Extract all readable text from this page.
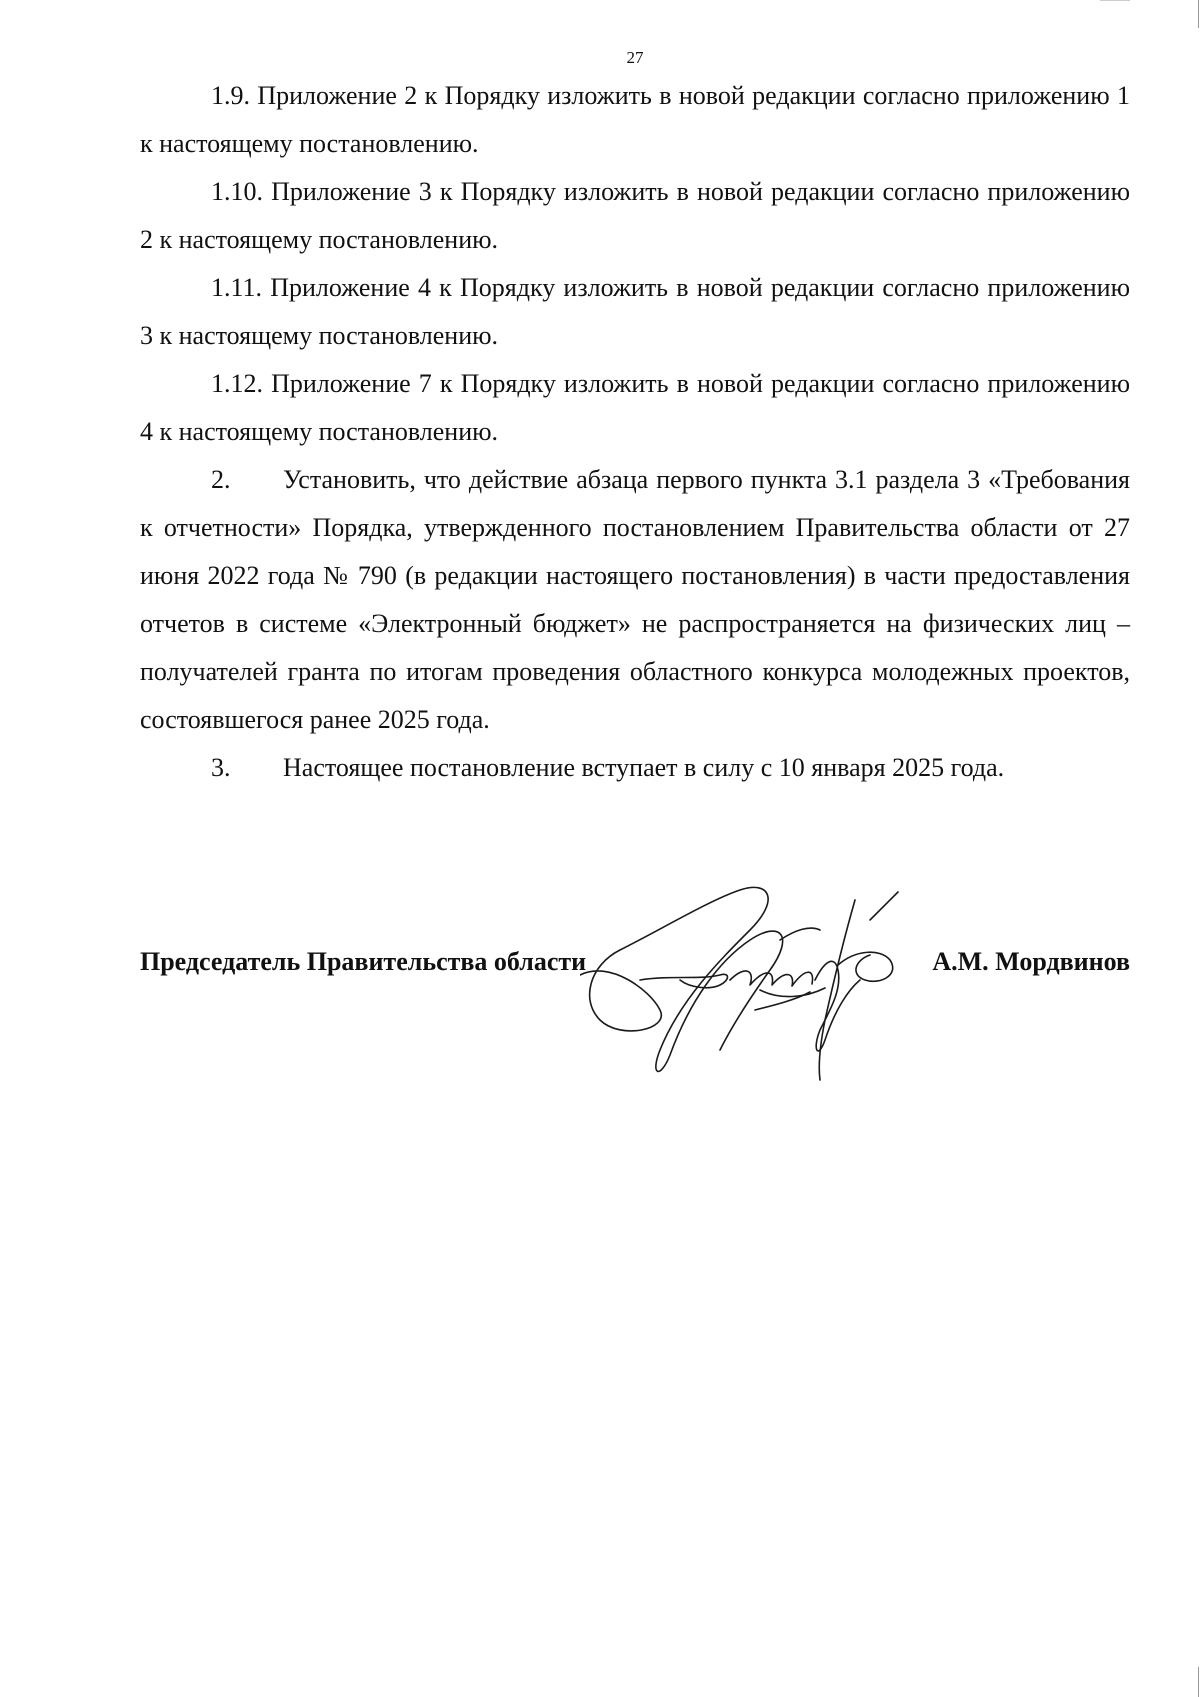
27

1.9. Приложение 2 к Порядку изложить в новой редакции согласно приложению 1 к настоящему постановлению.

1.10. Приложение 3 к Порядку изложить в новой редакции согласно приложению 2 к настоящему постановлению.

1.11. Приложение 4 к Порядку изложить в новой редакции согласно приложению 3 к настоящему постановлению.

1.12. Приложение 7 к Порядку изложить в новой редакции согласно приложению 4 к настоящему постановлению.

2. Установить, что действие абзаца первого пункта 3.1 раздела 3 «Требования к отчетности» Порядка, утвержденного постановлением Правительства области от 27 июня 2022 года № 790 (в редакции настоящего постановления) в части предоставления отчетов в системе «Электронный бюджет» не распространяется на физических лиц – получателей гранта по итогам проведения областного конкурса молодежных проектов, состоявшегося ранее 2025 года.

3. Настоящее постановление вступает в силу с 10 января 2025 года.

Председатель Правительства области	А.М. Мордвинов
